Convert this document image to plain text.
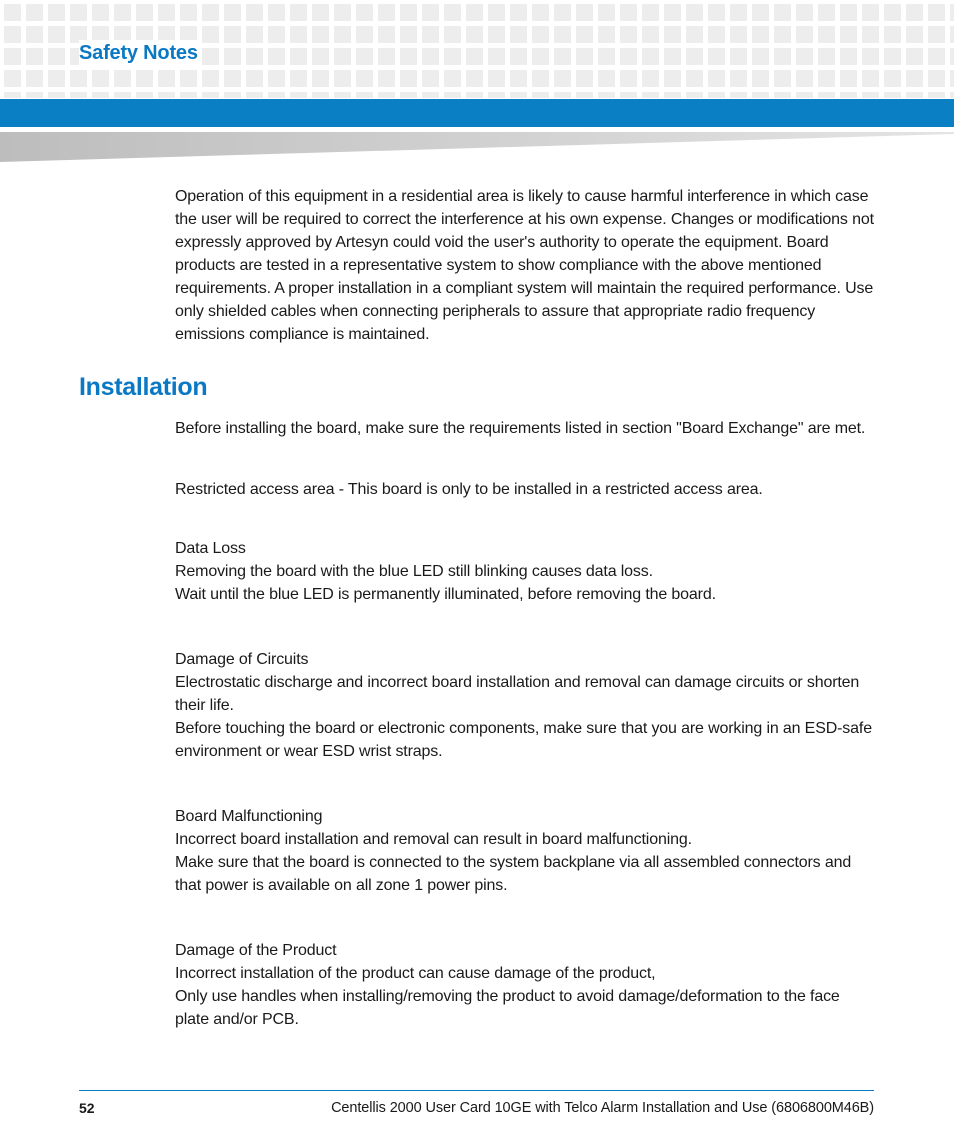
Safety Notes

Operation of this equipment in a residential area is likely to cause harmful interference in which case the user will be required to correct the interference at his own expense. Changes or modifications not expressly approved by Artesyn could void the user's authority to operate the equipment. Board products are tested in a representative system to show compliance with the above mentioned requirements. A proper installation in a compliant system will maintain the required performance. Use only shielded cables when connecting peripherals to assure that appropriate radio frequency emissions compliance is maintained.

Installation

Before installing the board, make sure the requirements listed in section "Board Exchange" are met.

Restricted access area - This board is only to be installed in a restricted access area.

Data Loss
Removing the board with the blue LED still blinking causes data loss.
Wait until the blue LED is permanently illuminated, before removing the board.
Damage of Circuits
Electrostatic discharge and incorrect board installation and removal can damage circuits or shorten their life.
Before touching the board or electronic components, make sure that you are working in an ESD-safe environment or wear ESD wrist straps.
Board Malfunctioning
Incorrect board installation and removal can result in board malfunctioning.
Make sure that the board is connected to the system backplane via all assembled connectors and that power is available on all zone 1 power pins.
Damage of the Product
Incorrect installation of the product can cause damage of the product,
Only use handles when installing/removing the product to avoid damage/deformation to the face plate and/or PCB.
52	Centellis 2000 User Card 10GE with Telco Alarm Installation and Use (6806800M46B)
